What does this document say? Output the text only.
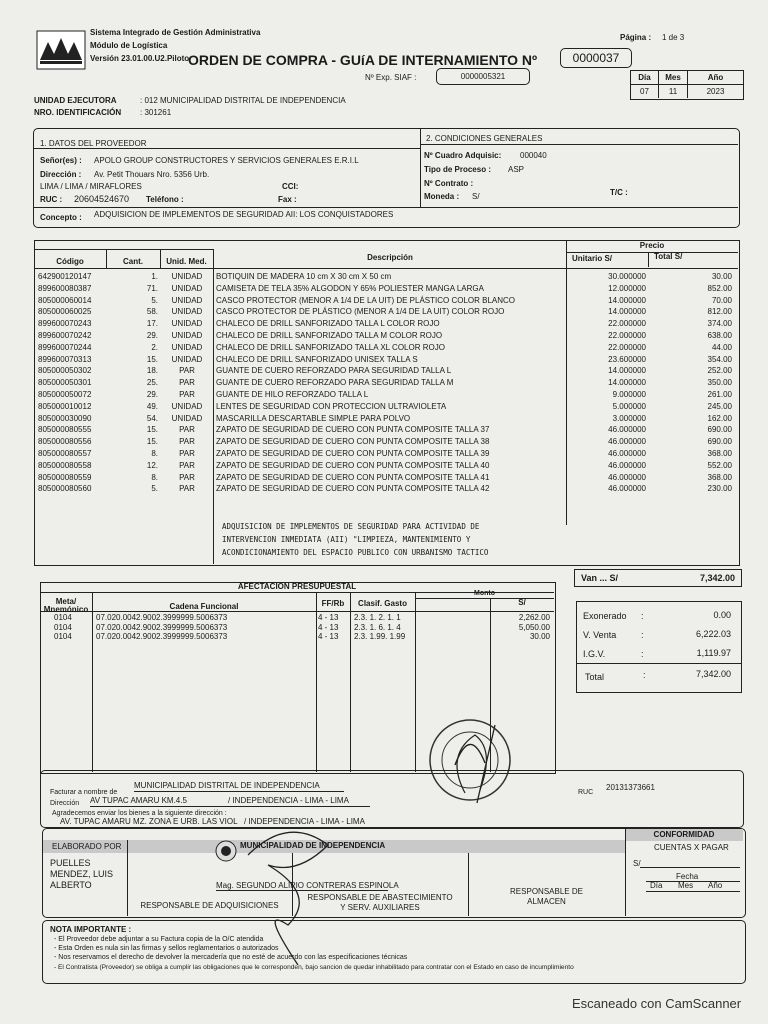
Sistema Integrado de Gestión Administrativa
Módulo de Logística
Versión 23.01.00.U2.Piloto
ORDEN DE COMPRA - GUíA DE INTERNAMIENTO Nº	0000037
Página : 1 de 3
Nº Exp. SIAF :	0000005321	Día	Mes	Año
07	11	2023
UNIDAD EJECUTORA	: 012 MUNICIPALIDAD DISTRITAL DE INDEPENDENCIA
NRO. IDENTIFICACIÓN : 301261
1. DATOS DEL PROVEEDOR
Señor(es) : APOLO GROUP CONSTRUCTORES Y SERVICIOS GENERALES E.R.I.L
Dirección : Av. Petit Thouars Nro. 5356 Urb.
LIMA / LIMA / MIRAFLORES	CCI:
RUC : 20604524670 Teléfono :	Fax :
2. CONDICIONES GENERALES
Nº Cuadro Adquisic: 000040
Tipo de Proceso : ASP
Nº Contrato :
Moneda : S/	T/C :
Concepto : ADQUISICION DE IMPLEMENTOS DE SEGURIDAD AII: LOS CONQUISTADORES
Código	Cant.	Unid. Med.	Descripción
Precio
Unitario S/	Total S/
642900120147	1.	UNIDAD	BOTIQUIN DE MADERA 10 cm X 30 cm X 50 cm	30.000000	30.00
899600080387	71.	UNIDAD	CAMISETA DE TELA 35% ALGODON Y 65% POLIESTER MANGA LARGA	12.000000	852.00
805000060014	5.	UNIDAD	CASCO PROTECTOR (MENOR A 1/4 DE LA UIT) DE PLÁSTICO COLOR BLANCO	14.000000	70.00
805000060025	58.	UNIDAD	CASCO PROTECTOR DE PLÁSTICO (MENOR A 1/4 DE LA UIT) COLOR ROJO	14.000000	812.00
899600070243	17.	UNIDAD	CHALECO DE DRILL SANFORIZADO TALLA L COLOR ROJO	22.000000	374.00
899600070242	29.	UNIDAD	CHALECO DE DRILL SANFORIZADO TALLA M COLOR ROJO	22.000000	638.00
899600070244	2.	UNIDAD	CHALECO DE DRILL SANFORIZADO TALLA XL COLOR ROJO	22.000000	44.00
899600070313	15.	UNIDAD	CHALECO DE DRILL SANFORIZADO UNISEX TALLA S	23.600000	354.00
805000050302	18.	PAR	GUANTE DE CUERO REFORZADO PARA SEGURIDAD TALLA L	14.000000	252.00
805000050301	25.	PAR	GUANTE DE CUERO REFORZADO PARA SEGURIDAD TALLA M	14.000000	350.00
805000050072	29.	PAR	GUANTE DE HILO REFORZADO TALLA L	9.000000	261.00
805000010012	49.	UNIDAD	LENTES DE SEGURIDAD CON PROTECCION ULTRAVIOLETA	5.000000	245.00
805000030090	54.	UNIDAD	MASCARILLA DESCARTABLE SIMPLE PARA POLVO	3.000000	162.00
805000080555	15.	PAR	ZAPATO DE SEGURIDAD DE CUERO CON PUNTA COMPOSITE TALLA 37	46.000000	690.00
805000080556	15.	PAR	ZAPATO DE SEGURIDAD DE CUERO CON PUNTA COMPOSITE TALLA 38	46.000000	690.00
805000080557	8.	PAR	ZAPATO DE SEGURIDAD DE CUERO CON PUNTA COMPOSITE TALLA 39	46.000000	368.00
805000080558	12.	PAR	ZAPATO DE SEGURIDAD DE CUERO CON PUNTA COMPOSITE TALLA 40	46.000000	552.00
805000080559	8.	PAR	ZAPATO DE SEGURIDAD DE CUERO CON PUNTA COMPOSITE TALLA 41	46.000000	368.00
805000080560	5.	PAR	ZAPATO DE SEGURIDAD DE CUERO CON PUNTA COMPOSITE TALLA 42	46.000000	230.00
ADQUISICION DE IMPLEMENTOS DE SEGURIDAD PARA ACTIVIDAD DE
INTERVENCION INMEDIATA (AII) "LIMPIEZA, MANTENIMIENTO Y
ACONDICIONAMIENTO DEL ESPACIO PUBLICO CON URBANISMO TACTICO
Van ... S/	7,342.00
AFECTACION PRESUPUESTAL
Monto
Meta/
Mnemónico	Cadena Funcional	FF/Rb	Clasif. Gasto	S/
0104	07.020.0042.9002.3999999.5006373	4 - 13	2.3. 1. 2. 1. 1	2,262.00
0104	07.020.0042.9002.3999999.5006373	4 - 13	2.3. 1. 6. 1. 4	5,050.00
0104	07.020.0042.9002.3999999.5006373	4 - 13	2.3. 1.99. 1.99	30.00
Exonerado :	0.00
V. Venta	:	6,222.03
I.G.V.	:	1,119.97
Total	:	7,342.00
Facturar a nombre de
MUNICIPALIDAD DISTRITAL DE INDEPENDENCIA
RUC
20131373661
Dirección AV TUPAC AMARU KM.4.5	/ INDEPENDENCIA - LIMA - LIMA
Agradecemos enviar los bienes a la siguiente dirección :
AV. TUPAC AMARU MZ. ZONA E URB. LAS VIOL / INDEPENDENCIA - LIMA - LIMA
ELABORADO POR
CONFORMIDAD
PUELLES
MENDEZ, LUIS
ALBERTO
MUNICIPALIDAD DE INDEPENDENCIA
Mag. SEGUNDO ALIPIO CONTRERAS ESPINOLA
RESPONSABLE DE ADQUISICIONES
RESPONSABLE DE ABASTECIMIENTO
Y SERV. AUXILIARES
RESPONSABLE DE
ALMACEN
CUENTAS X PAGAR
S/
Fecha
Día Mes Año
NOTA IMPORTANTE :
- El Proveedor debe adjuntar a su Factura copia de la O/C atendida
- Esta Orden es nula sin las firmas y sellos reglamentarios o autorizados
- Nos reservamos el derecho de devolver la mercadería que no esté de acuerdo con las especificaciones técnicas
- El Contratista (Proveedor) se obliga a cumplir las obligaciones que le corresponden, bajo sancion de quedar inhabilitado para contratar con el Estado en caso de incumplimiento
Escaneado con CamScanner
